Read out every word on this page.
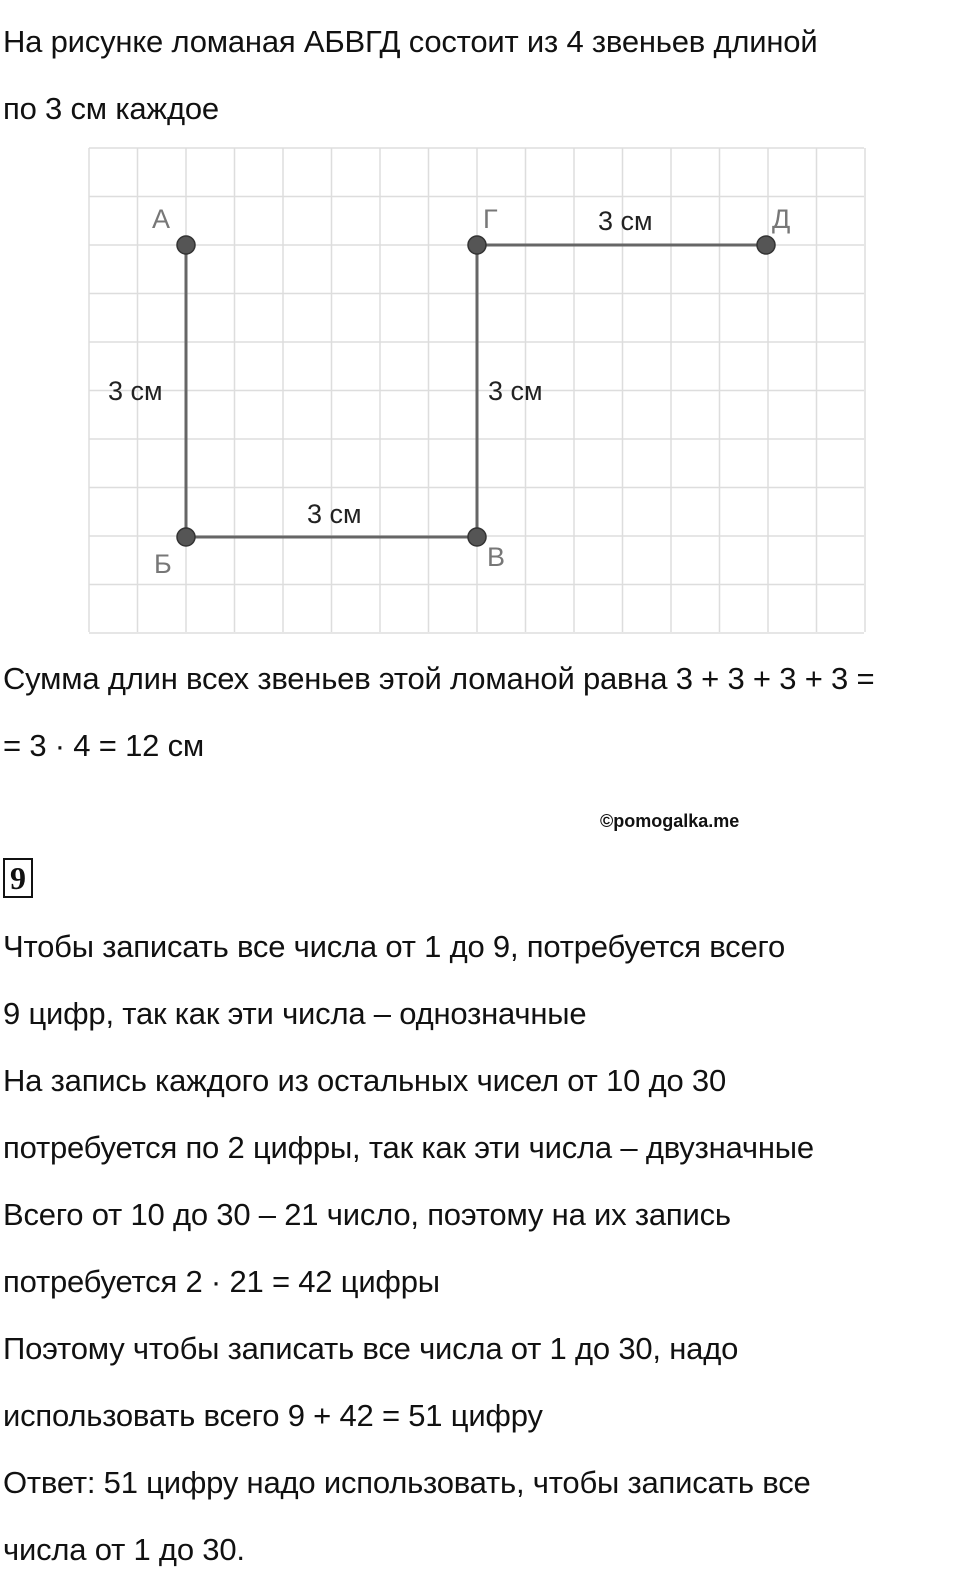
На рисунке ломаная АБВГД состоит из 4 звеньев длиной
по 3 см каждое
А
Б	В
Г	Д
3 см
3 см
3 см
3 см
Сумма длин всех звеньев этой ломаной равна 3 + 3 + 3 + 3 =
= 3 · 4 = 12 см
©pomogalka.me
9
Чтобы записать все числа от 1 до 9, потребуется всего
9 цифр, так как эти числа – однозначные
На запись каждого из остальных чисел от 10 до 30
потребуется по 2 цифры, так как эти числа – двузначные
Всего от 10 до 30 – 21 число, поэтому на их запись
потребуется 2 · 21 = 42 цифры
Поэтому чтобы записать все числа от 1 до 30, надо
использовать всего 9 + 42 = 51 цифру
Ответ: 51 цифру надо использовать, чтобы записать все
числа от 1 до 30.
